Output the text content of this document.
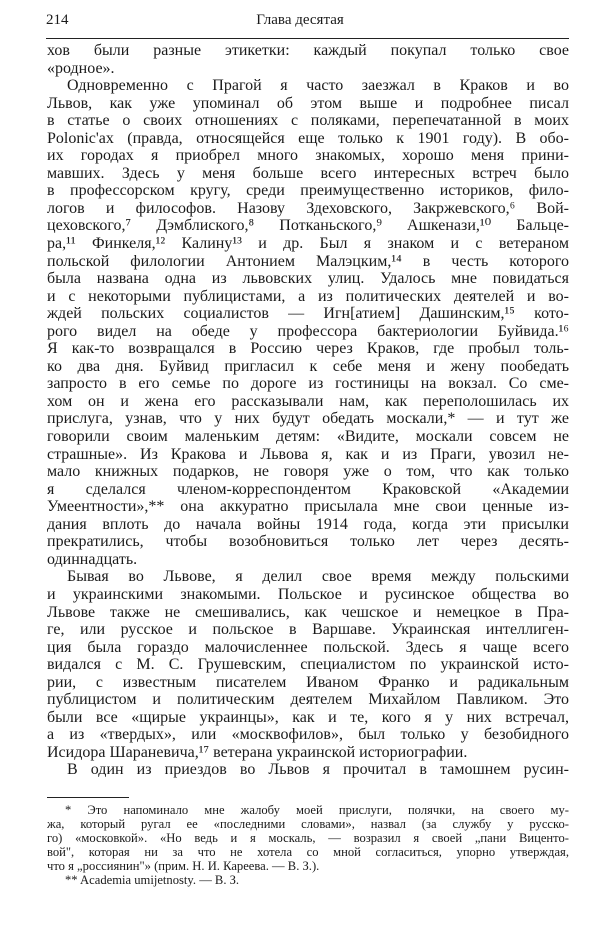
214	Глава десятая
хов были разные этикетки: каждый покупал только свое
«родное».
Одновременно с Прагой я часто заезжал в Краков и во
Львов, как уже упоминал об этом выше и подробнее писал
в статье о своих отношениях с поляками, перепечатанной в моих
Polonic'ах (правда, относящейся еще только к 1901 году). В обо-
их городах я приобрел много знакомых, хорошо меня прини-
мавших. Здесь у меня больше всего интересных встреч было
в профессорском кругу, среди преимущественно историков, фило-
логов и философов. Назову Здеховского, Закржевского,⁶ Вой-
цеховского,⁷ Дэмблиского,⁸ Потканьского,⁹ Ашкенази,¹⁰ Бальце-
ра,¹¹ Финкеля,¹² Калину¹³ и др. Был я знаком и с ветераном
польской филологии Антонием Малэцким,¹⁴ в честь которого
была названа одна из львовских улиц. Удалось мне повидаться
и с некоторыми публицистами, а из политических деятелей и во-
ждей польских социалистов — Игн[атием] Дашинским,¹⁵ кото-
рого видел на обеде у профессора бактериологии Буйвида.¹⁶
Я как-то возвращался в Россию через Краков, где пробыл толь-
ко два дня. Буйвид пригласил к себе меня и жену пообедать
запросто в его семье по дороге из гостиницы на вокзал. Со сме-
хом он и жена его рассказывали нам, как переполошилась их
прислуга, узнав, что у них будут обедать москали,* — и тут же
говорили своим маленьким детям: «Видите, москали совсем не
страшные». Из Кракова и Львова я, как и из Праги, увозил не-
мало книжных подарков, не говоря уже о том, что как только
я сделался членом-корреспондентом Краковской «Академии
Умеентности»,** она аккуратно присылала мне свои ценные из-
дания вплоть до начала войны 1914 года, когда эти присылки
прекратились, чтобы возобновиться только лет через десять-
одиннадцать.
Бывая во Львове, я делил свое время между польскими
и украинскими знакомыми. Польское и русинское общества во
Львове также не смешивались, как чешское и немецкое в Пра-
ге, или русское и польское в Варшаве. Украинская интеллиген-
ция была гораздо малочисленнее польской. Здесь я чаще всего
видался с М. С. Грушевским, специалистом по украинской исто-
рии, с известным писателем Иваном Франко и радикальным
публицистом и политическим деятелем Михайлом Павликом. Это
были все «щирые украинцы», как и те, кого я у них встречал,
а из «твердых», или «москвофилов», был только у безобидного
Исидора Шараневича,¹⁷ ветерана украинской историографии.
В один из приездов во Львов я прочитал в тамошнем русин-
* Это напоминало мне жалобу моей прислуги, полячки, на своего му-
жа, который ругал ее «последними словами», назвал (за службу у русско-
го) «московкой». «Но ведь и я москаль, — возразил я своей „пани Виценто-
вой", которая ни за что не хотела со мной согласиться, упорно утверждая,
что я „россиянин"» (прим. Н. И. Кареева. — В. З.).
** Academia umijetnosty. — В. З.
